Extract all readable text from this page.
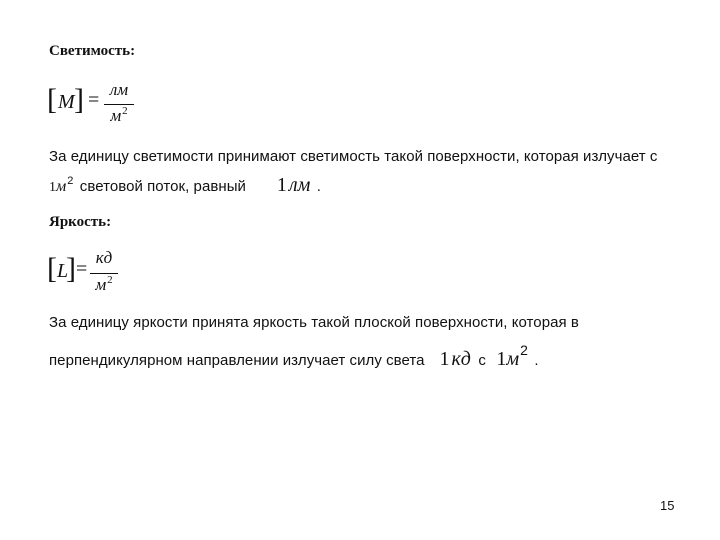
Светимость:
[ M ] = лм
$м^2$
За единицу светимости принимают светимость такой поверхности, которая излучает с
$1м^2$ световой поток, равный 1 лм .
Яркость:
[ L
] =
кд
$м^2$
За единицу яркости принята яркость такой плоской поверхности, которая в
перпендикулярном направлении излучает силу света 1 кд с $1м^2$ .
15
